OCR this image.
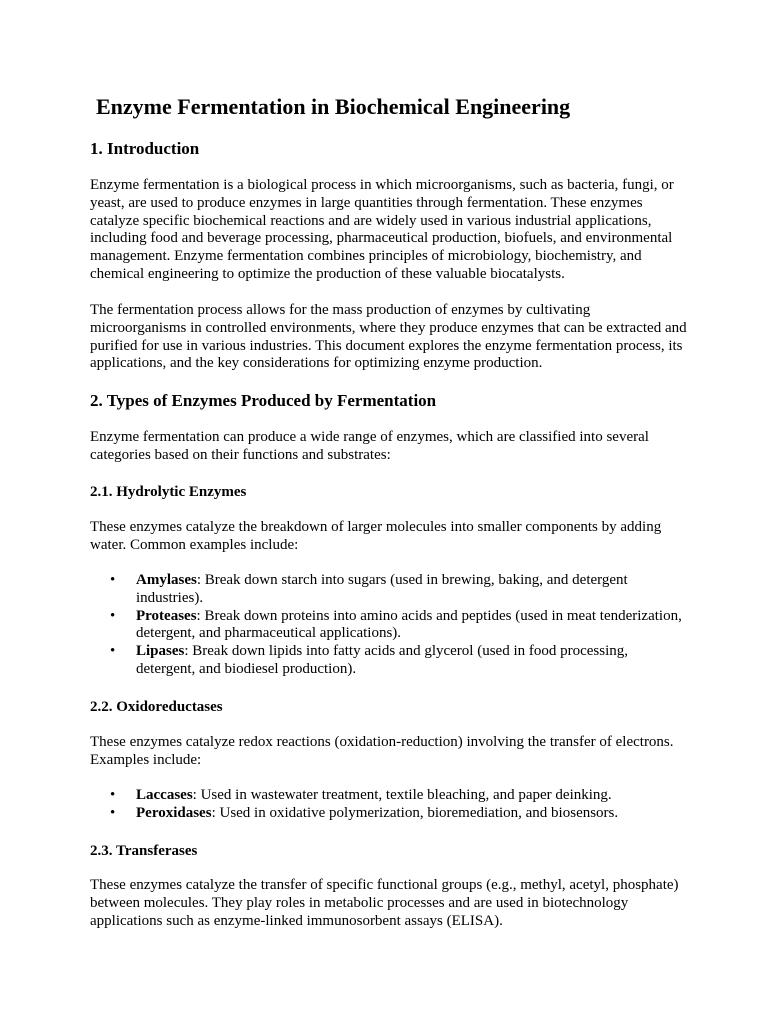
Enzyme Fermentation in Biochemical Engineering
1. Introduction

Enzyme fermentation is a biological process in which microorganisms, such as bacteria, fungi, or yeast, are used to produce enzymes in large quantities through fermentation. These enzymes catalyze specific biochemical reactions and are widely used in various industrial applications, including food and beverage processing, pharmaceutical production, biofuels, and environmental management. Enzyme fermentation combines principles of microbiology, biochemistry, and chemical engineering to optimize the production of these valuable biocatalysts.

The fermentation process allows for the mass production of enzymes by cultivating microorganisms in controlled environments, where they produce enzymes that can be extracted and purified for use in various industries. This document explores the enzyme fermentation process, its applications, and the key considerations for optimizing enzyme production.

2. Types of Enzymes Produced by Fermentation

Enzyme fermentation can produce a wide range of enzymes, which are classified into several categories based on their functions and substrates:

2.1. Hydrolytic Enzymes

These enzymes catalyze the breakdown of larger molecules into smaller components by adding water. Common examples include:

• Amylases: Break down starch into sugars (used in brewing, baking, and detergent industries).
• Proteases: Break down proteins into amino acids and peptides (used in meat tenderization, detergent, and pharmaceutical applications).
• Lipases: Break down lipids into fatty acids and glycerol (used in food processing, detergent, and biodiesel production).
2.2. Oxidoreductases

These enzymes catalyze redox reactions (oxidation-reduction) involving the transfer of electrons. Examples include:

• Laccases: Used in wastewater treatment, textile bleaching, and paper deinking.
• Peroxidases: Used in oxidative polymerization, bioremediation, and biosensors.
2.3. Transferases

These enzymes catalyze the transfer of specific functional groups (e.g., methyl, acetyl, phosphate) between molecules. They play roles in metabolic processes and are used in biotechnology applications such as enzyme-linked immunosorbent assays (ELISA).
